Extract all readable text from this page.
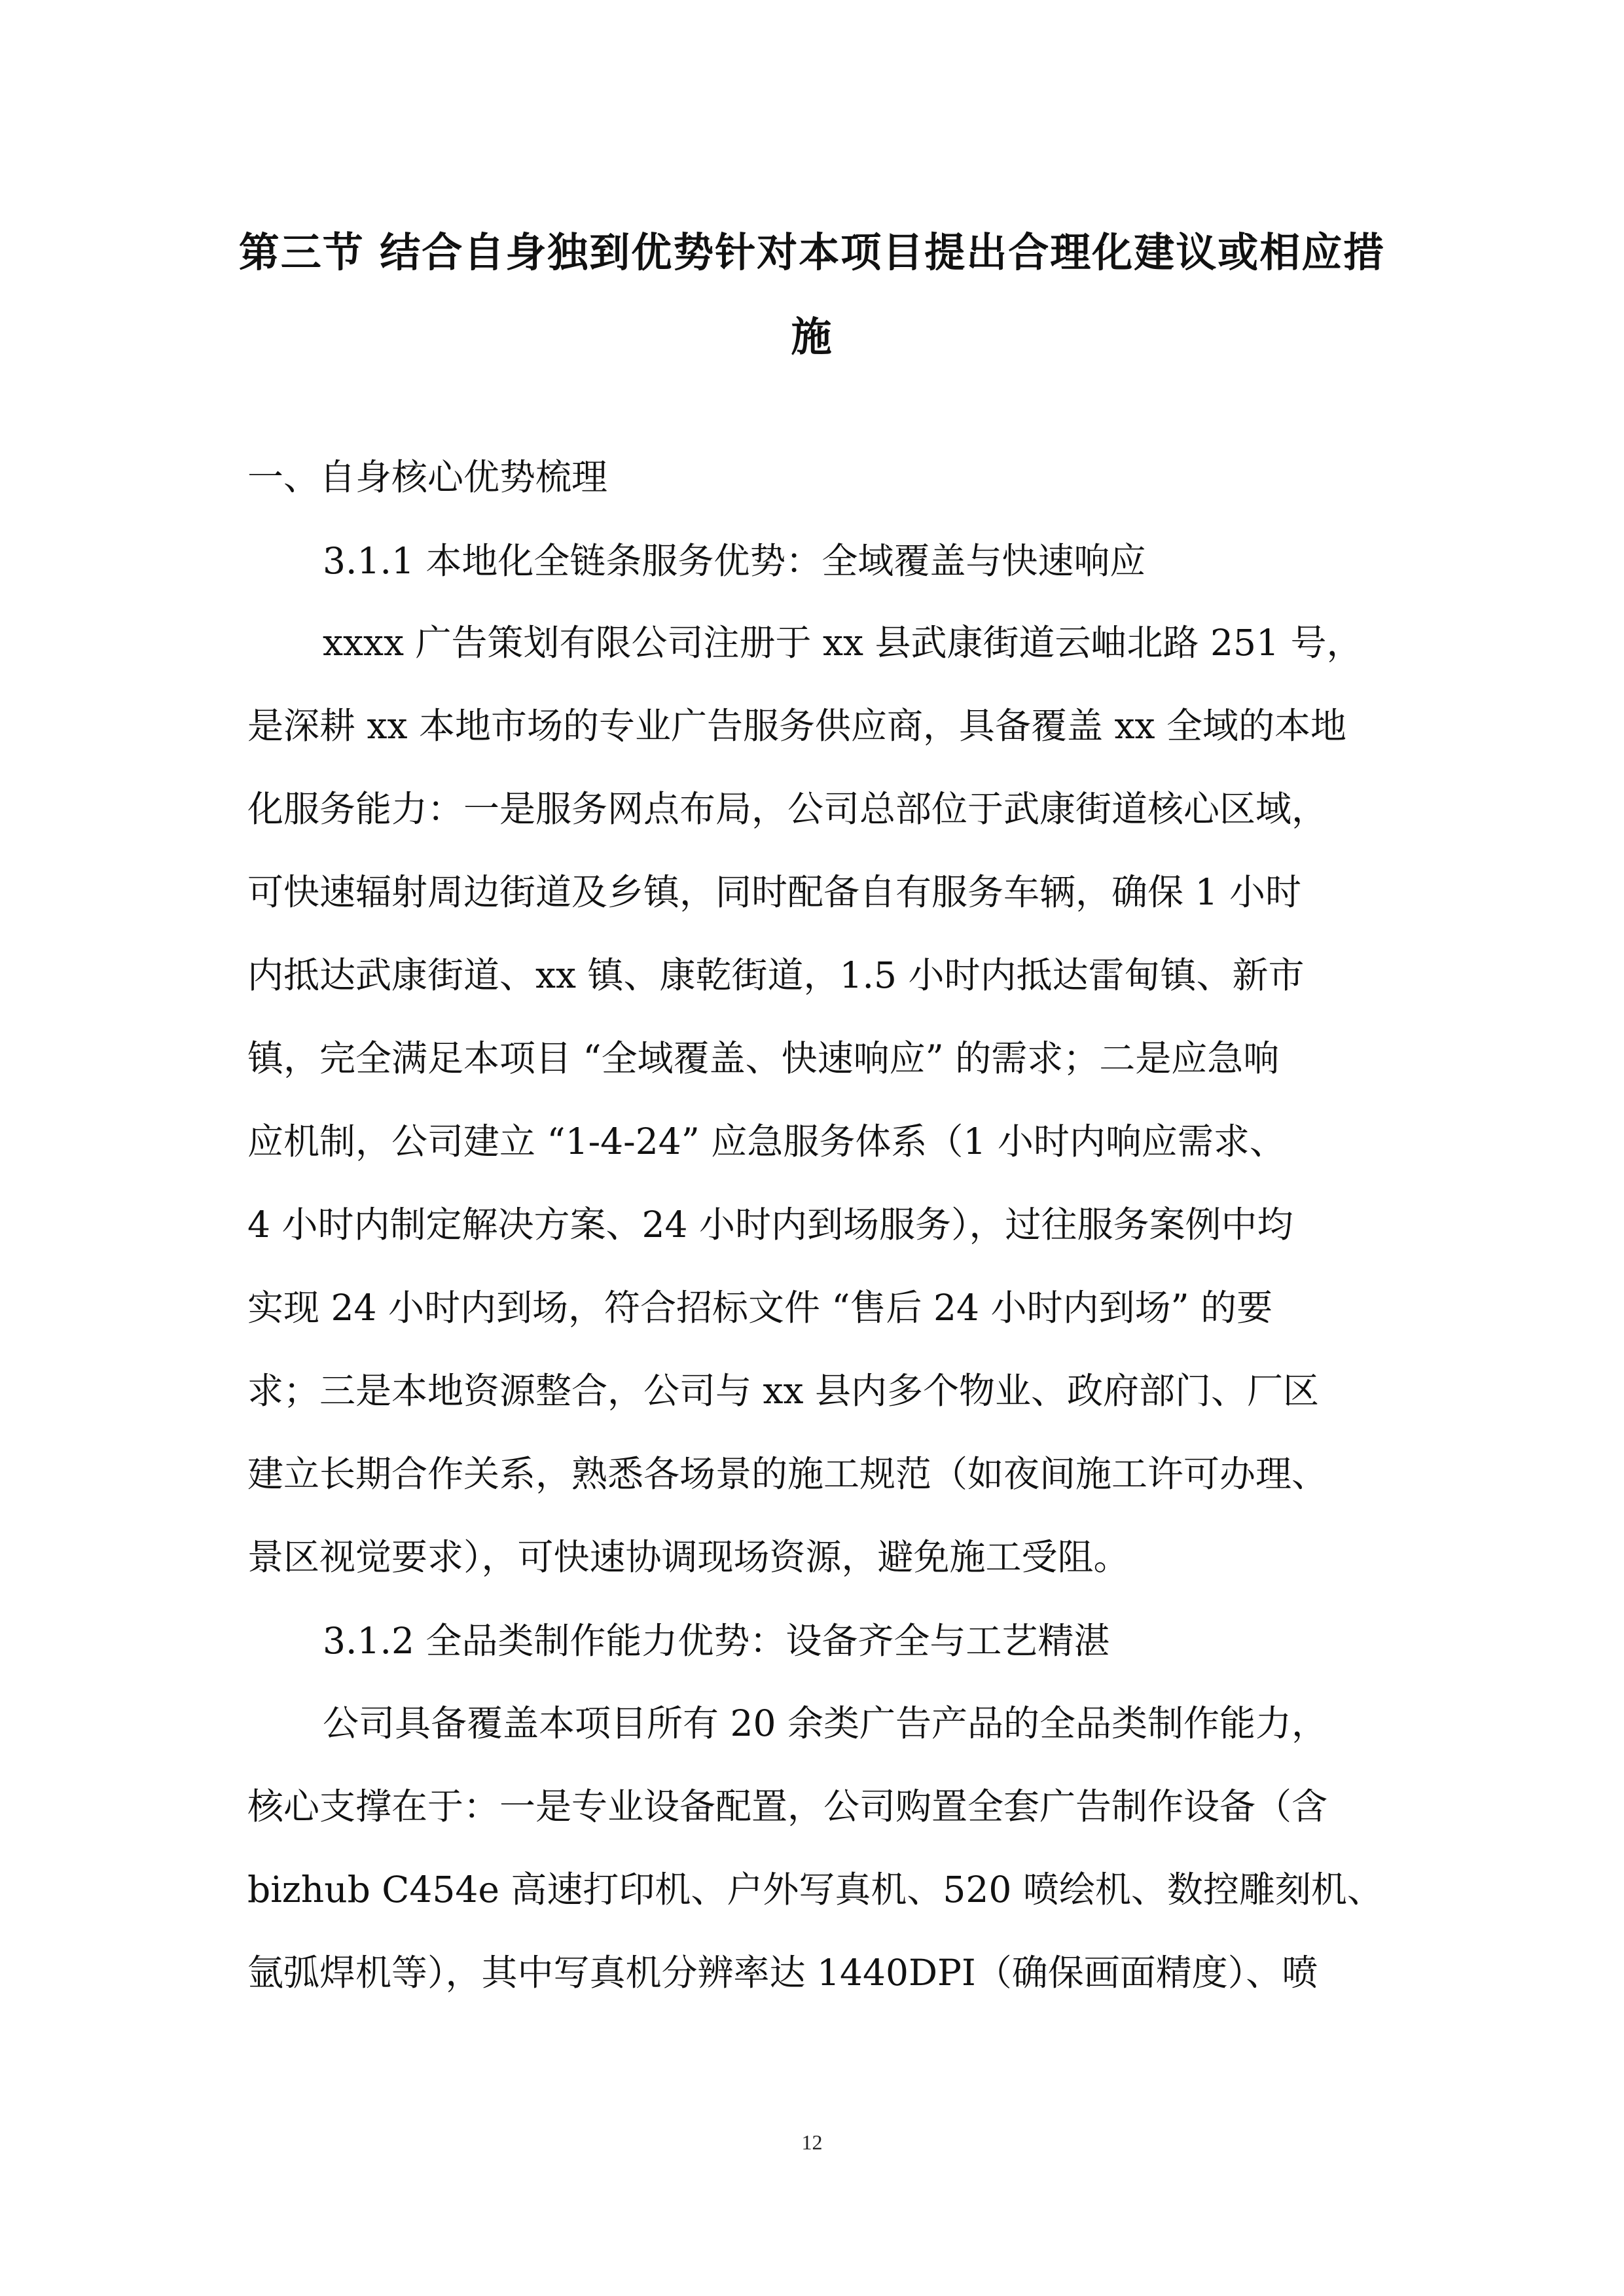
第三节 结合自身独到优势针对本项目提出合理化建议或相应措
施

一、自身核心优势梳理

3.1.1 本地化全链条服务优势：全域覆盖与快速响应

xxxx 广告策划有限公司注册于 xx 县武康街道云岫北路 251 号，

是深耕 xx 本地市场的专业广告服务供应商，具备覆盖 xx 全域的本地

化服务能力：一是服务网点布局，公司总部位于武康街道核心区域，

可快速辐射周边街道及乡镇，同时配备自有服务车辆，确保 1 小时

内抵达武康街道、xx 镇、康乾街道，1.5 小时内抵达雷甸镇、新市

镇，完全满足本项目 “全域覆盖、快速响应” 的需求；二是应急响

应机制，公司建立 “1-4-24” 应急服务体系（1 小时内响应需求、

4 小时内制定解决方案、24 小时内到场服务），过往服务案例中均

实现 24 小时内到场，符合招标文件 “售后 24 小时内到场” 的要

求；三是本地资源整合，公司与 xx 县内多个物业、政府部门、厂区

建立长期合作关系，熟悉各场景的施工规范（如夜间施工许可办理、

景区视觉要求），可快速协调现场资源，避免施工受阻。

3.1.2 全品类制作能力优势：设备齐全与工艺精湛

公司具备覆盖本项目所有 20 余类广告产品的全品类制作能力，

核心支撑在于：一是专业设备配置，公司购置全套广告制作设备（含

bizhub C454e 高速打印机、户外写真机、520 喷绘机、数控雕刻机、

氩弧焊机等），其中写真机分辨率达 1440DPI（确保画面精度）、喷

12
